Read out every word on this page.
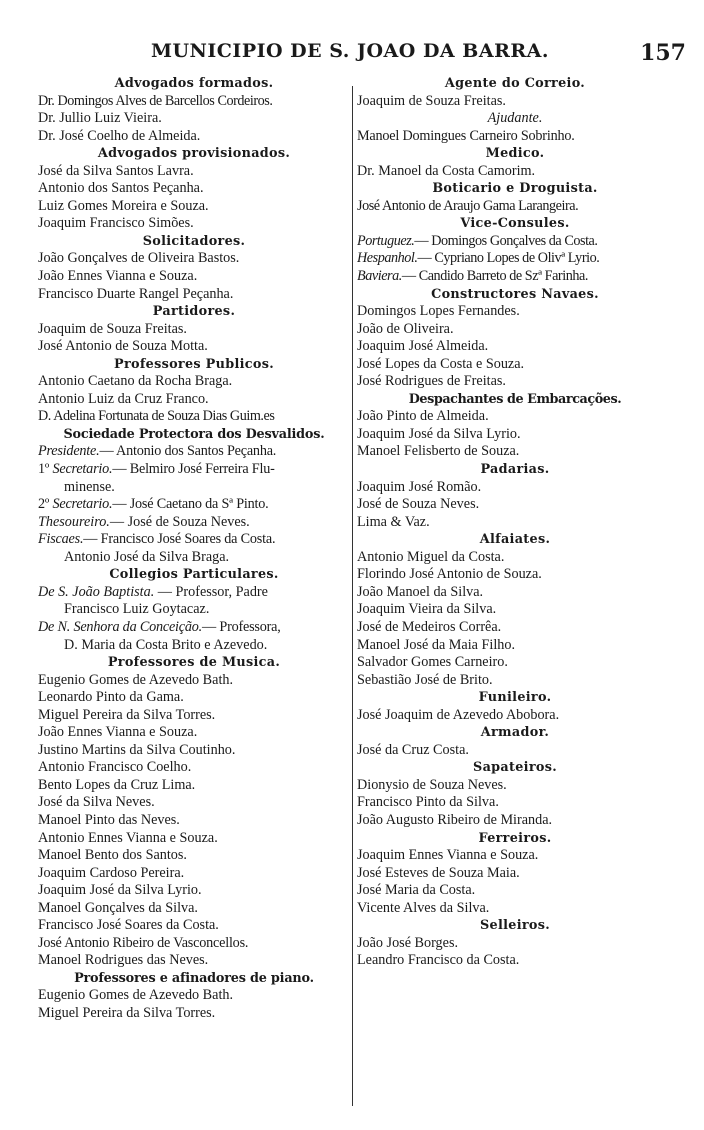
MUNICIPIO DE S. JOAO DA BARRA.	157
Advogados formados.
Dr. Domingos Alves de Barcellos Cordeiros.
Dr. Jullio Luiz Vieira.
Dr. José Coelho de Almeida.
Advogados provisionados.
José da Silva Santos Lavra.
Antonio dos Santos Peçanha.
Luiz Gomes Moreira e Souza.
Joaquim Francisco Simões.
Solicitadores.
João Gonçalves de Oliveira Bastos.
João Ennes Vianna e Souza.
Francisco Duarte Rangel Peçanha.
Partidores.
Joaquim de Souza Freitas.
José Antonio de Souza Motta.
Professores Publicos.
Antonio Caetano da Rocha Braga.
Antonio Luiz da Cruz Franco.
D. Adelina Fortunata de Souza Dias Guim.es
Sociedade Protectora dos Desvalidos.
Presidente.— Antonio dos Santos Peçanha.
1º Secretario.— Belmiro José Ferreira Flu-
minense.
2º Secretario.— José Caetano da Sª Pinto.
Thesoureiro.— José de Souza Neves.
Fiscaes.— Francisco José Soares da Costa.
Antonio José da Silva Braga.
Collegios Particulares.
De S. João Baptista. — Professor, Padre
Francisco Luiz Goytacaz.
De N. Senhora da Conceição.— Professora,
D. Maria da Costa Brito e Azevedo.
Professores de Musica.
Eugenio Gomes de Azevedo Bath.
Leonardo Pinto da Gama.
Miguel Pereira da Silva Torres.
João Ennes Vianna e Souza.
Justino Martins da Silva Coutinho.
Antonio Francisco Coelho.
Bento Lopes da Cruz Lima.
José da Silva Neves.
Manoel Pinto das Neves.
Antonio Ennes Vianna e Souza.
Manoel Bento dos Santos.
Joaquim Cardoso Pereira.
Joaquim José da Silva Lyrio.
Manoel Gonçalves da Silva.
Francisco José Soares da Costa.
José Antonio Ribeiro de Vasconcellos.
Manoel Rodrigues das Neves.
Professores e afinadores de piano.
Eugenio Gomes de Azevedo Bath.
Miguel Pereira da Silva Torres.
Agente do Correio.
Joaquim de Souza Freitas.
Ajudante.
Manoel Domingues Carneiro Sobrinho.
Medico.
Dr. Manoel da Costa Camorim.
Boticario e Droguista.
José Antonio de Araujo Gama Larangeira.
Vice-Consules.
Portuguez.— Domingos Gonçalves da Costa.
Hespanhol.— Cypriano Lopes de Olivª Lyrio.
Baviera.— Candido Barreto de Szª Farinha.
Constructores Navaes.
Domingos Lopes Fernandes.
João de Oliveira.
Joaquim José Almeida.
José Lopes da Costa e Souza.
José Rodrigues de Freitas.
Despachantes de Embarcações.
João Pinto de Almeida.
Joaquim José da Silva Lyrio.
Manoel Felisberto de Souza.
Padarias.
Joaquim José Romão.
José de Souza Neves.
Lima & Vaz.
Alfaiates.
Antonio Miguel da Costa.
Florindo José Antonio de Souza.
João Manoel da Silva.
Joaquim Vieira da Silva.
José de Medeiros Corrêa.
Manoel José da Maia Filho.
Salvador Gomes Carneiro.
Sebastião José de Brito.
Funileiro.
José Joaquim de Azevedo Abobora.
Armador.
José da Cruz Costa.
Sapateiros.
Dionysio de Souza Neves.
Francisco Pinto da Silva.
João Augusto Ribeiro de Miranda.
Ferreiros.
Joaquim Ennes Vianna e Souza.
José Esteves de Souza Maia.
José Maria da Costa.
Vicente Alves da Silva.
Selleiros.
João José Borges.
Leandro Francisco da Costa.
